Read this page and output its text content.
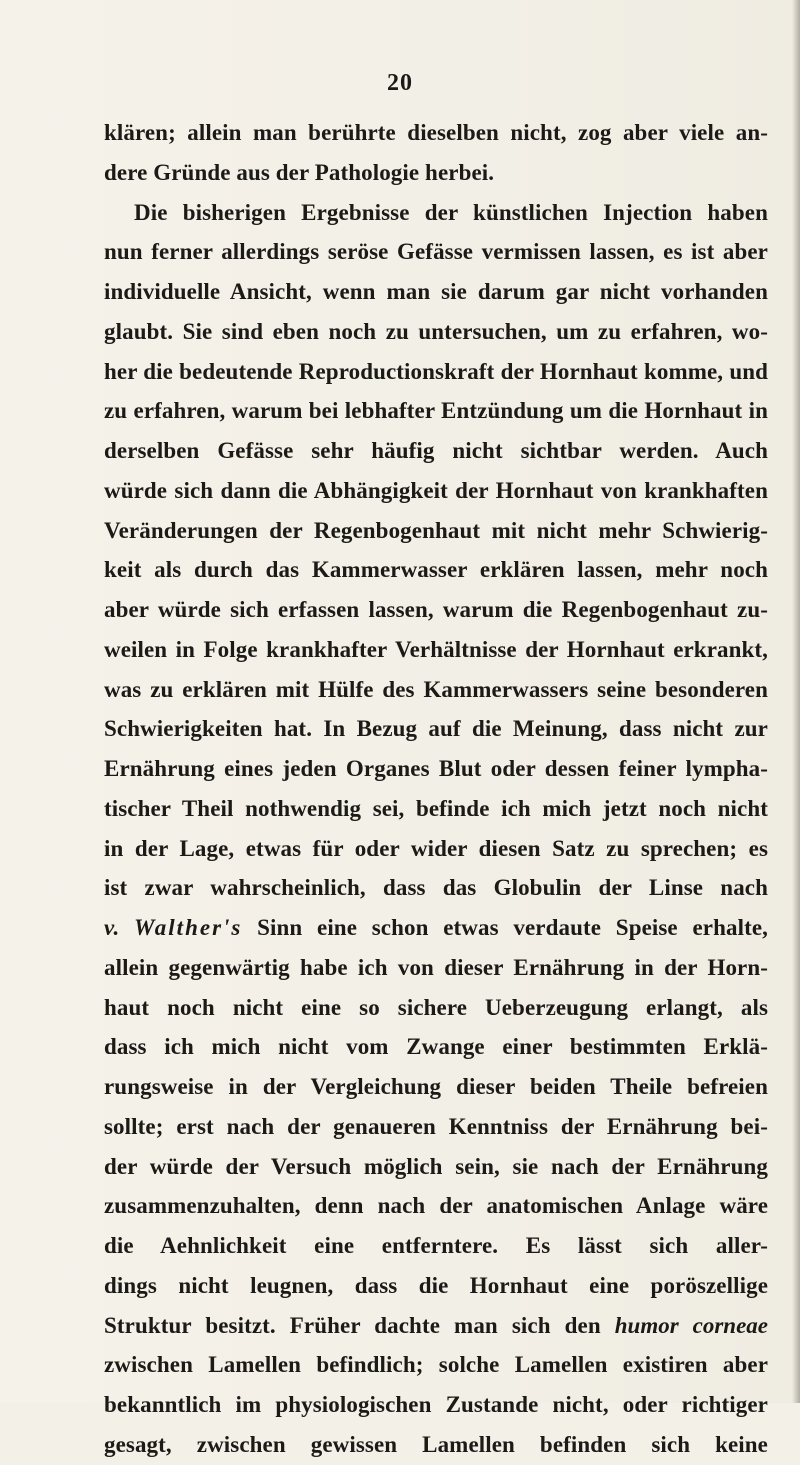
20
klären; allein man berührte dieselben nicht, zog aber viele an-
dere Gründe aus der Pathologie herbei.
Die bisherigen Ergebnisse der künstlichen Injection haben
nun ferner allerdings seröse Gefässe vermissen lassen, es ist aber
individuelle Ansicht, wenn man sie darum gar nicht vorhanden
glaubt. Sie sind eben noch zu untersuchen, um zu erfahren, wo-
her die bedeutende Reproductionskraft der Hornhaut komme, und
zu erfahren, warum bei lebhafter Entzündung um die Hornhaut in
derselben Gefässe sehr häufig nicht sichtbar werden. Auch
würde sich dann die Abhängigkeit der Hornhaut von krankhaften
Veränderungen der Regenbogenhaut mit nicht mehr Schwierig-
keit als durch das Kammerwasser erklären lassen, mehr noch
aber würde sich erfassen lassen, warum die Regenbogenhaut zu-
weilen in Folge krankhafter Verhältnisse der Hornhaut erkrankt,
was zu erklären mit Hülfe des Kammerwassers seine besonderen
Schwierigkeiten hat. In Bezug auf die Meinung, dass nicht zur
Ernährung eines jeden Organes Blut oder dessen feiner lympha-
tischer Theil nothwendig sei, befinde ich mich jetzt noch nicht
in der Lage, etwas für oder wider diesen Satz zu sprechen; es
ist zwar wahrscheinlich, dass das Globulin der Linse nach
v. Walther's Sinn eine schon etwas verdaute Speise erhalte,
allein gegenwärtig habe ich von dieser Ernährung in der Horn-
haut noch nicht eine so sichere Ueberzeugung erlangt, als
dass ich mich nicht vom Zwange einer bestimmten Erklä-
rungsweise in der Vergleichung dieser beiden Theile befreien
sollte; erst nach der genaueren Kenntniss der Ernährung bei-
der würde der Versuch möglich sein, sie nach der Ernährung
zusammenzuhalten, denn nach der anatomischen Anlage wäre
die Aehnlichkeit eine entferntere. Es lässt sich aller-
dings nicht leugnen, dass die Hornhaut eine poröszellige
Struktur besitzt. Früher dachte man sich den humor corneae
zwischen Lamellen befindlich; solche Lamellen existiren aber
bekanntlich im physiologischen Zustande nicht, oder richtiger
gesagt, zwischen gewissen Lamellen befinden sich keine
